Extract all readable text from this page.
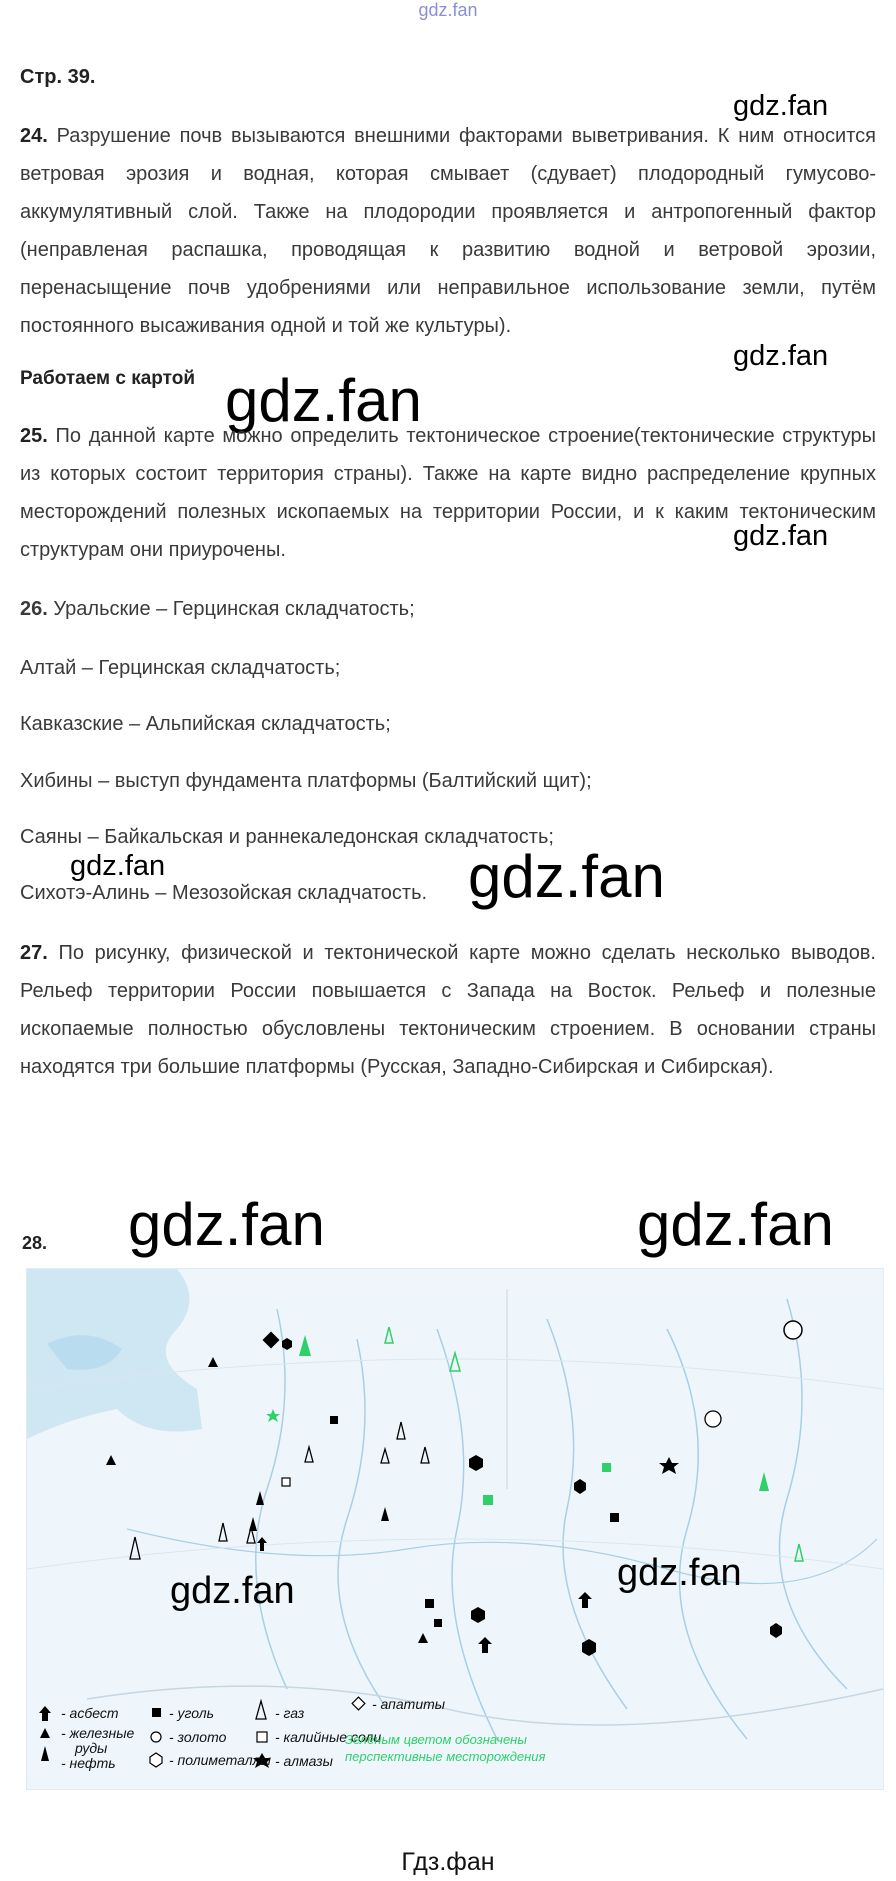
gdz.fan
Стр. 39.
gdz.fan
24. Разрушение почв вызываются внешними факторами выветривания. К ним относится ветровая эрозия и водная, которая смывает (сдувает) плодородный гумусово-аккумулятивный слой. Также на плодородии проявляется и антропогенный фактор (неправленая распашка, проводящая к развитию водной и ветровой эрозии, перенасыщение почв удобрениями или неправильное использование земли, путём постоянного высаживания одной и той же культуры).
gdz.fan
Работаем с картой gdz.fan
25. По данной карте можно определить тектоническое строение(тектонические структуры из которых состоит территория страны). Также на карте видно распределение крупных месторождений полезных ископаемых на территории России, и к каким тектоническим структурам они приурочены.	gdz.fan
26. Уральские – Герцинская складчатость;
Алтай – Герцинская складчатость;
Кавказские – Альпийская складчатость;
Хибины – выступ фундамента платформы (Балтийский щит);
Саяны – Байкальская и раннекаледонская складчатость;
gdz.fan
Сихотэ-Алинь – Мезозойская складчатость. gdz.fan
27. По рисунку, физической и тектонической карте можно сделать несколько выводов. Рельеф территории России повышается с Запада на Восток. Рельеф и полезные ископаемые полностью обусловлены тектоническим строением. В основании страны находятся три большие платформы (Русская, Западно-Сибирская и Сибирская).
28. gdz.fan	gdz.fan
- асбест
- железные
руды
- нефть
- уголь
- золото
- полиметаллы
- газ
- калийные соли
- алмазы
- апатиты
Зелёным цветом обозначены
перспективные месторождения
gdz.fan	gdz.fan
Гдз.фан
